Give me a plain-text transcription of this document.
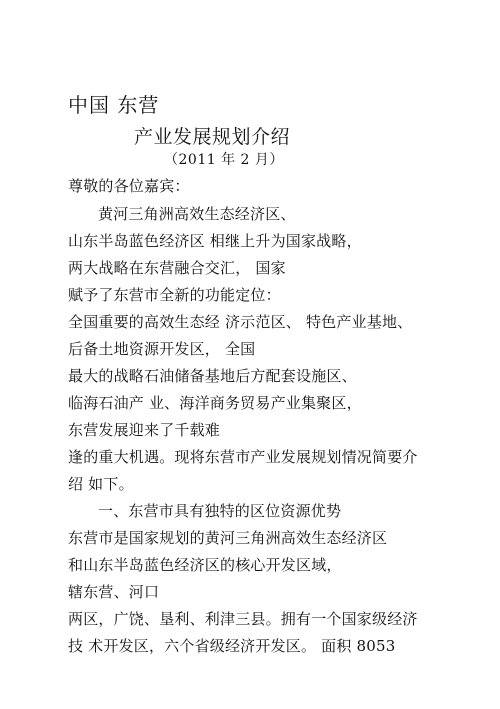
中国 东营
产业发展规划介绍
（2011 年 2 月）
尊敬的各位嘉宾：
黄河三角洲高效生态经济区、
山东半岛蓝色经济区 相继上升为国家战略，
两大战略在东营融合交汇， 国家
赋予了东营市全新的功能定位：
全国重要的高效生态经 济示范区、 特色产业基地、
后备土地资源开发区， 全国
最大的战略石油储备基地后方配套设施区、
临海石油产 业、海洋商务贸易产业集聚区，
东营发展迎来了千载难
逢的重大机遇。现将东营市产业发展规划情况简要介
绍 如下。
一、东营市具有独特的区位资源优势
东营市是国家规划的黄河三角洲高效生态经济区
和山东半岛蓝色经济区的核心开发区域，
辖东营、河口
两区，广饶、垦利、利津三县。拥有一个国家级经济
技 术开发区，六个省级经济开发区。 面积 8053
